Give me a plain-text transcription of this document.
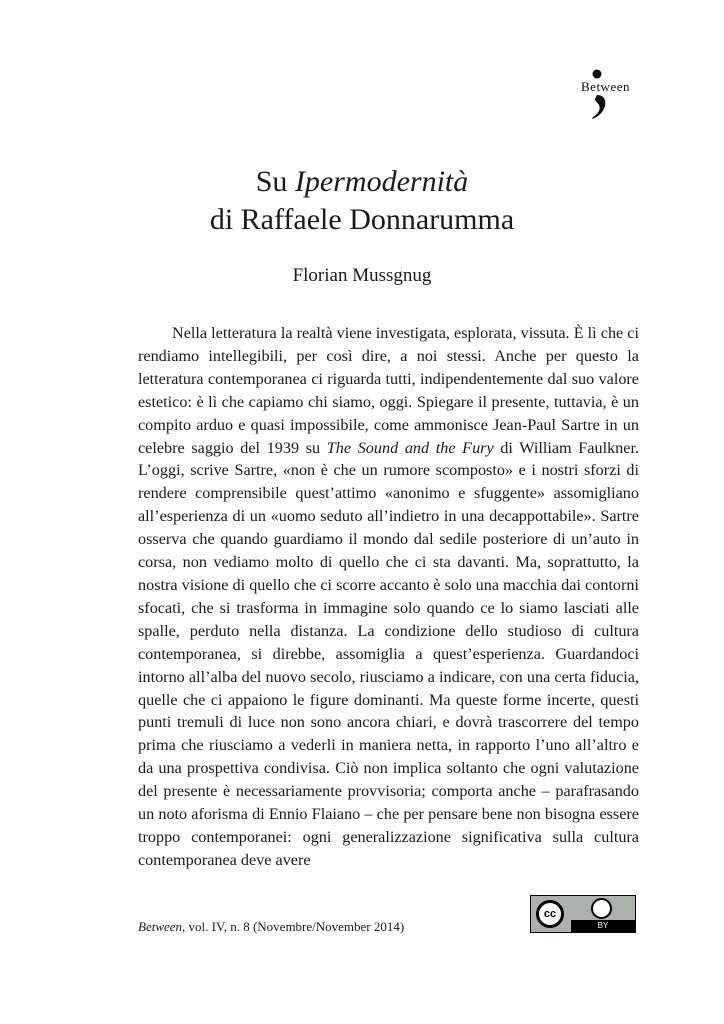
Between
Su Ipermodernità
di Raffaele Donnarumma
Florian Mussgnug

Nella letteratura la realtà viene investigata, esplorata, vissuta. È lì che ci rendiamo intellegibili, per così dire, a noi stessi. Anche per questo la letteratura contemporanea ci riguarda tutti, indipendentemente dal suo valore estetico: è lì che capiamo chi siamo, oggi. Spiegare il presente, tuttavia, è un compito arduo e quasi impossibile, come ammonisce Jean-Paul Sartre in un celebre saggio del 1939 su The Sound and the Fury di William Faulkner. L’oggi, scrive Sartre, «non è che un rumore scomposto» e i nostri sforzi di rendere comprensibile quest’attimo «anonimo e sfuggente» assomigliano all’esperienza di un «uomo seduto all’indietro in una decappottabile». Sartre osserva che quando guardiamo il mondo dal sedile posteriore di un’auto in corsa, non vediamo molto di quello che ci sta davanti. Ma, soprattutto, la nostra visione di quello che ci scorre accanto è solo una macchia dai contorni sfocati, che si trasforma in immagine solo quando ce lo siamo lasciati alle spalle, perduto nella distanza. La condizione dello studioso di cultura contemporanea, si direbbe, assomiglia a quest’esperienza. Guardandoci intorno all’alba del nuovo secolo, riusciamo a indicare, con una certa fiducia, quelle che ci appaiono le figure dominanti. Ma queste forme incerte, questi punti tremuli di luce non sono ancora chiari, e dovrà trascorrere del tempo prima che riusciamo a vederli in maniera netta, in rapporto l’uno all’altro e da una prospettiva condivisa. Ciò non implica soltanto che ogni valutazione del presente è necessariamente provvisoria; comporta anche – parafrasando un noto aforisma di Ennio Flaiano – che per pensare bene non bisogna essere troppo contemporanei: ogni generalizzazione significativa sulla cultura contemporanea deve avere

Between, vol. IV, n. 8 (Novembre/November 2014)
cc
BY
